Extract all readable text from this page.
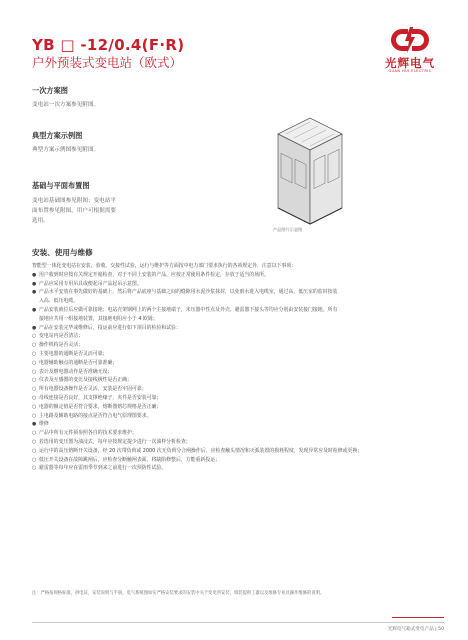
YB □ -12/0.4(F·R)
户外预装式变电站（欧式）	光辉电气
GUAN HUI ELECTRIC
一次方案图
变电站一次方案参见附图。
典型方案示例图
典型方案示例图参见附图。
基础与平面布置图
变电站基础图参见附图；变电站平面布置参见附图，用户可根据需要选用。
产品图片示意图
安装、使用与维修
智能型一体化变电站在安装、验收、交接性试验、运行与维护等方面按中电力部门要求执行的各项规定外，注意以下事项：
● 用户收到时应按有关规定开箱检查，对于不同上安装的产品，应按正常使用条件检定，存放于适当的场所。
● 产品应采用专用吊具或便起吊产品起吊示意图。
● 产品水平安放在事先做好的基础上，然后将产品底座与基础之间的缝隙用水泥沙浆抹封，以免雨水进入电缆室，通过高、低压室的监封按装
入高、低压电缆。
● 产品安装就位后应做可靠接地；电站壳架钢网上的两个主接地端子，未压器中性点及外壳、避雷器下接头等均应分别由安装接门接地。所有
接地应共用一组接地装置，其接地电阻应小于 4 欧姆；
● 产品在安装完毕或维修后，投运前应进行如下项目的检验和试验：
○ 变电站内是否清洁；
○ 操作机构是否灵活；
○ 主要电器的通断是否灵活可靠；
○ 电器辅助触点的通断是否可靠准确；
○ 表计及继电器动作是否准确无误；
○ 仪表及互感器的变比及接线极性是否正确；
○ 所有电器设备操作是否灵活，安装是否牢固可靠；
○ 母线连接是否良好，其支撑绝缘子，夹件是否安装可靠；
○ 电器的额定值是否符合要求，熔断器熔芯规格是否正确；
○ 主电路及辅助电路的接点是否符合电气原理图要求。
● 维修
○ 产品中所有元件须参照各自的技术要求维护；
○ 若选用的变压器为油浸式，每年应按规定提少进行一次油样分析检查；
○ 运行中的高压熔断开关设备，经 20 次带负荷或 2000 次无负荷分合闸操作后，应检查触头情况和灭弧装置的损耗程度，发现异常应及时检修或更换；
○ 低压开关设备在故障跳闸后，应检查分断触闸表面，将缺陷修整后，方能重新投运；
○ 避雷器等每年应在雷雨季节到来之前进行一次预防性试验。
注：严格按规格标准，供电证，安装说明与手册，电气系统图如实严格安装要求的安装中关于变电所安装，填装提供工器以及维修专业具操作维修的说明。
光辉电气箱式变电产品 | 50
